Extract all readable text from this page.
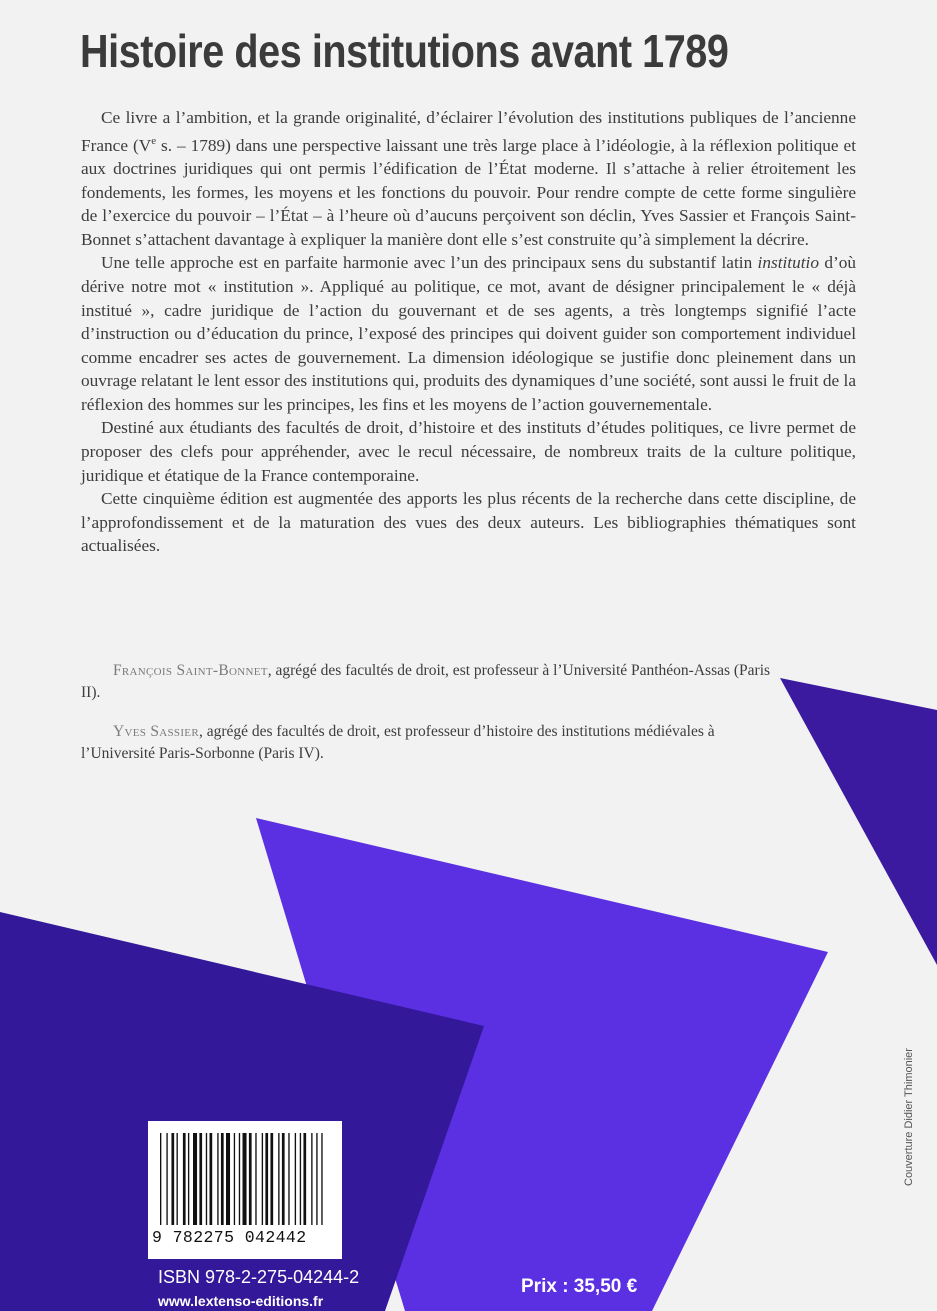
Histoire des institutions avant 1789

Ce livre a l’ambition, et la grande originalité, d’éclairer l’évolution des institutions publiques de l’ancienne France (Ve s. – 1789) dans une perspective laissant une très large place à l’idéologie, à la réflexion politique et aux doctrines juridiques qui ont permis l’édification de l’État moderne. Il s’attache à relier étroitement les fondements, les formes, les moyens et les fonctions du pouvoir. Pour rendre compte de cette forme singulière de l’exercice du pouvoir – l’État – à l’heure où d’aucuns perçoivent son déclin, Yves Sassier et François Saint-Bonnet s’attachent davantage à expliquer la manière dont elle s’est construite qu’à simplement la décrire.

Une telle approche est en parfaite harmonie avec l’un des principaux sens du substantif latin institutio d’où dérive notre mot « institution ». Appliqué au politique, ce mot, avant de désigner principalement le « déjà institué », cadre juridique de l’action du gouvernant et de ses agents, a très longtemps signifié l’acte d’instruction ou d’éducation du prince, l’exposé des principes qui doivent guider son comportement individuel comme encadrer ses actes de gouvernement. La dimension idéologique se justifie donc pleinement dans un ouvrage relatant le lent essor des institutions qui, produits des dynamiques d’une société, sont aussi le fruit de la réflexion des hommes sur les principes, les fins et les moyens de l’action gouvernementale.

Destiné aux étudiants des facultés de droit, d’histoire et des instituts d’études politiques, ce livre permet de proposer des clefs pour appréhender, avec le recul nécessaire, de nombreux traits de la culture politique, juridique et étatique de la France contemporaine.

Cette cinquième édition est augmentée des apports les plus récents de la recherche dans cette discipline, de l’approfondissement et de la maturation des vues des deux auteurs. Les bibliographies thématiques sont actualisées.

François Saint-Bonnet, agrégé des facultés de droit, est professeur à l’Université Panthéon-Assas (Paris II).

Yves Sassier, agrégé des facultés de droit, est professeur d’histoire des institutions médiévales à l’Université Paris-Sorbonne (Paris IV).

Couverture Didier Thimonier
9 782275 042442
ISBN 978-2-275-04244-2
www.lextenso-editions.fr
Prix : 35,50 €
